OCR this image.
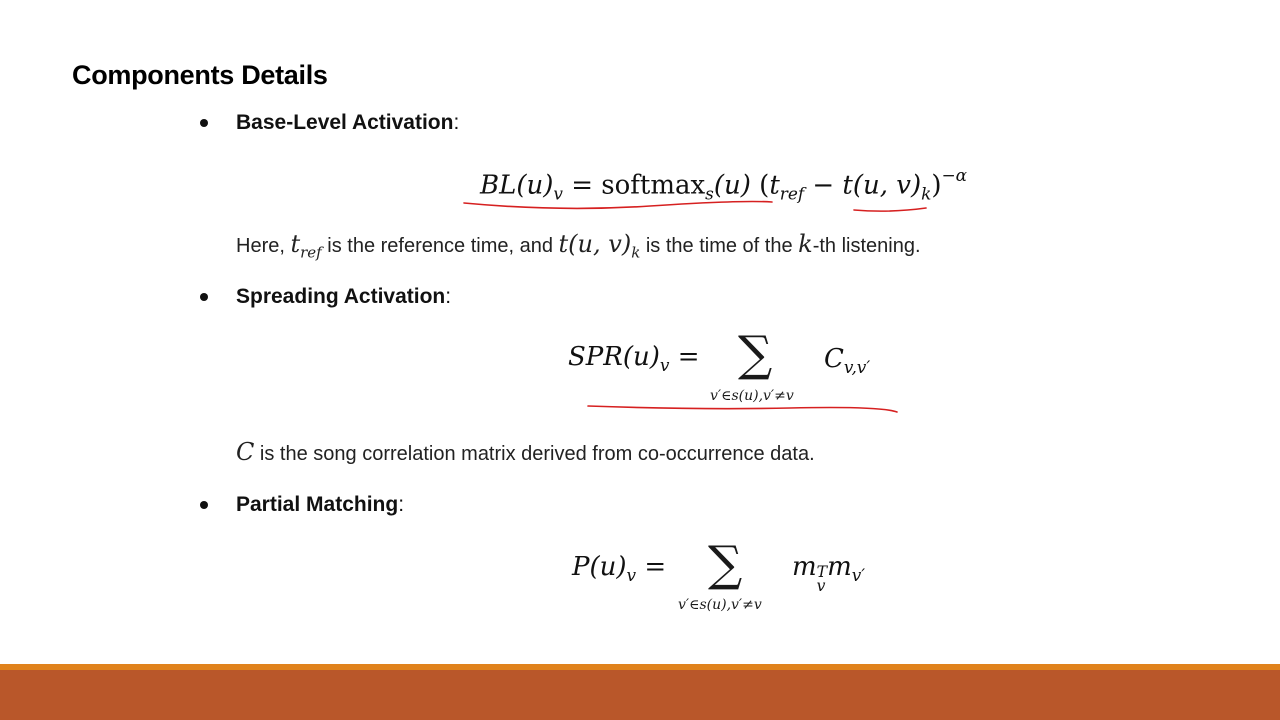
Components Details
Base-Level Activation :
$BL(u)_v$ = softmax$_s$(u) ($t_{ref} - t(u$, $v)_k)^{-\alpha}$
Here, $t_{ref}$ is the reference time, and t(u, $v)_k$ is the time of the k-th listening.
Spreading Activation :
$SPR(u)_v$ = ∑
v′∈s(u),v′≠v
$C_{v,v'}$
C is the song correlation matrix derived from co-occurrence data.
Partial Matching :
$P(u)_v$ = ∑
v′∈s(u),v′≠v
m T
v
$m_{v'}$
